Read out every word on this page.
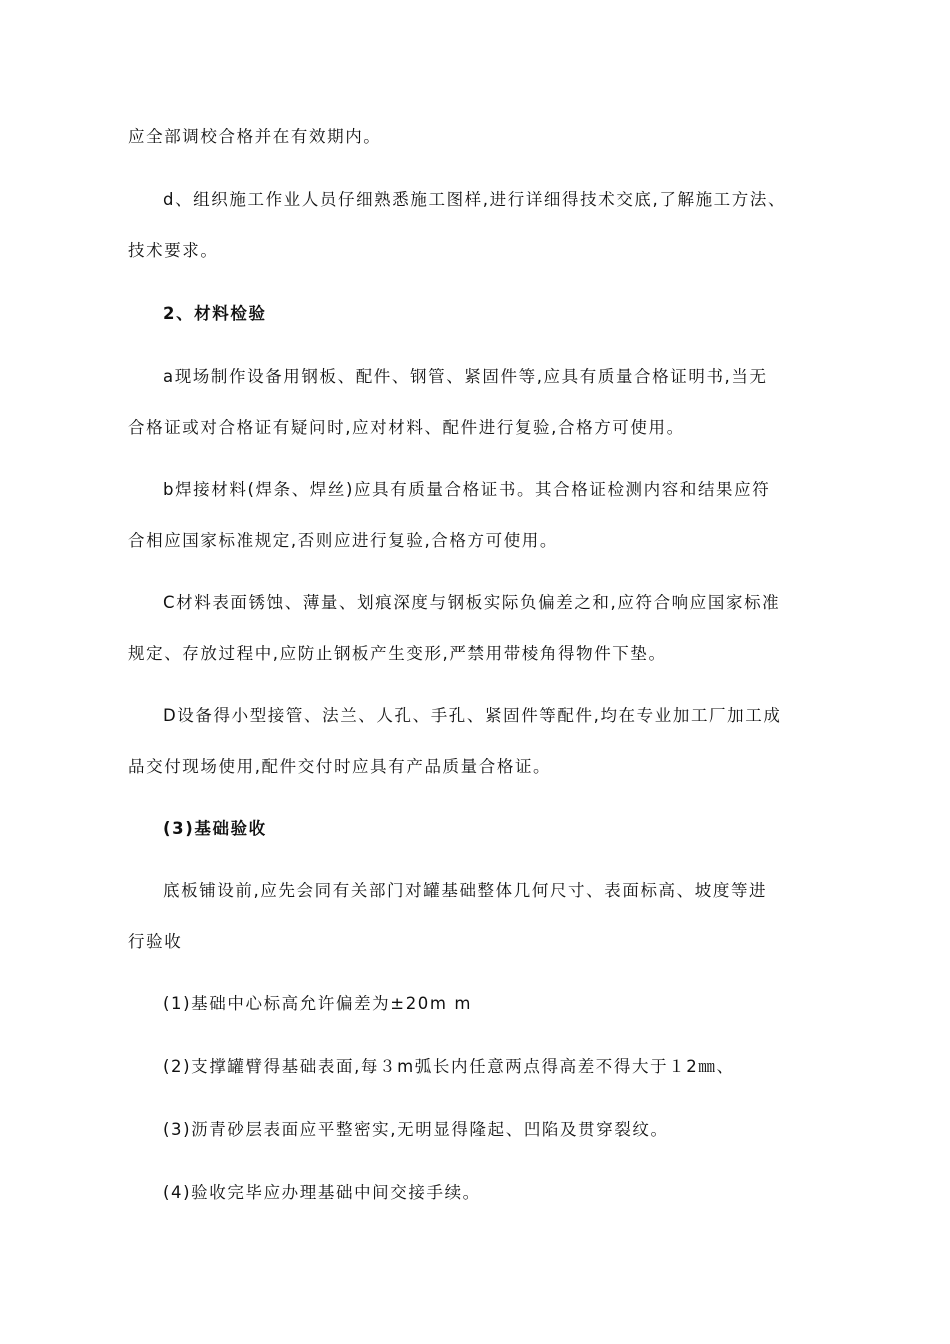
应全部调校合格并在有效期内。
d、组织施工作业人员仔细熟悉施工图样,进行详细得技术交底,了解施工方法、
技术要求。
2、材料检验
a现场制作设备用钢板、配件、钢管、紧固件等,应具有质量合格证明书,当无
合格证或对合格证有疑问时,应对材料、配件进行复验,合格方可使用。
b焊接材料(焊条、焊丝)应具有质量合格证书。其合格证检测内容和结果应符
合相应国家标准规定,否则应进行复验,合格方可使用。
C材料表面锈蚀、薄量、划痕深度与钢板实际负偏差之和,应符合响应国家标准
规定、存放过程中,应防止钢板产生变形,严禁用带棱角得物件下垫。
D设备得小型接管、法兰、人孔、手孔、紧固件等配件,均在专业加工厂加工成
品交付现场使用,配件交付时应具有产品质量合格证。
(3)基础验收
底板铺设前,应先会同有关部门对罐基础整体几何尺寸、表面标高、坡度等进
行验收
(1)基础中心标高允许偏差为±20m m
(2)支撑罐臂得基础表面,每３m弧长内任意两点得高差不得大于１2㎜、
(3)沥青砂层表面应平整密实,无明显得隆起、凹陷及贯穿裂纹。
(4)验收完毕应办理基础中间交接手续。
